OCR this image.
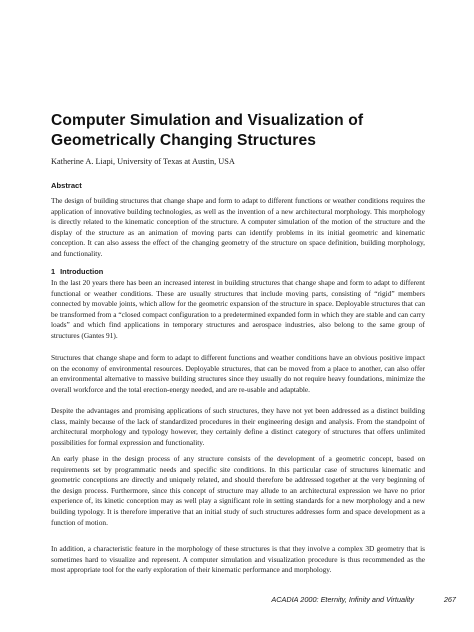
Computer Simulation and Visualization of Geometrically Changing Structures
Katherine A. Liapi, University of Texas at Austin, USA
Abstract

The design of building structures that change shape and form to adapt to different functions or weather conditions requires the application of innovative building technologies, as well as the invention of a new architectural morphology. This morphology is directly related to the kinematic conception of the structure. A computer simulation of the motion of the structure and the display of the structure as an animation of moving parts can identify problems in its initial geometric and kinematic conception. It can also assess the effect of the changing geometry of the structure on space definition, building morphology, and functionality.

1 Introduction

In the last 20 years there has been an increased interest in building structures that change shape and form to adapt to different functional or weather conditions. These are usually structures that include moving parts, consisting of “rigid” members connected by movable joints, which allow for the geometric expansion of the structure in space. Deployable structures that can be transformed from a “closed compact configuration to a predetermined expanded form in which they are stable and can carry loads” and which find applications in temporary structures and aerospace industries, also belong to the same group of structures (Gantes 91).

Structures that change shape and form to adapt to different functions and weather conditions have an obvious positive impact on the economy of environmental resources. Deployable structures, that can be moved from a place to another, can also offer an environmental alternative to massive building structures since they usually do not require heavy foundations, minimize the overall workforce and the total erection-energy needed, and are re-usable and adaptable.

Despite the advantages and promising applications of such structures, they have not yet been addressed as a distinct building class, mainly because of the lack of standardized procedures in their engineering design and analysis. From the standpoint of architectural morphology and typology however, they certainly define a distinct category of structures that offers unlimited possibilities for formal expression and functionality.

An early phase in the design process of any structure consists of the development of a geometric concept, based on requirements set by programmatic needs and specific site conditions. In this particular case of structures kinematic and geometric conceptions are directly and uniquely related, and should therefore be addressed together at the very beginning of the design process. Furthermore, since this concept of structure may allude to an architectural expression we have no prior experience of, its kinetic conception may as well play a significant role in setting standards for a new morphology and a new building typology. It is therefore imperative that an initial study of such structures addresses form and space development as a function of motion.

In addition, a characteristic feature in the morphology of these structures is that they involve a complex 3D geometry that is sometimes hard to visualize and represent. A computer simulation and visualization procedure is thus recommended as the most appropriate tool for the early exploration of their kinematic performance and morphology.

ACADIA 2000: Eternity, Infinity and Virtuality	267
